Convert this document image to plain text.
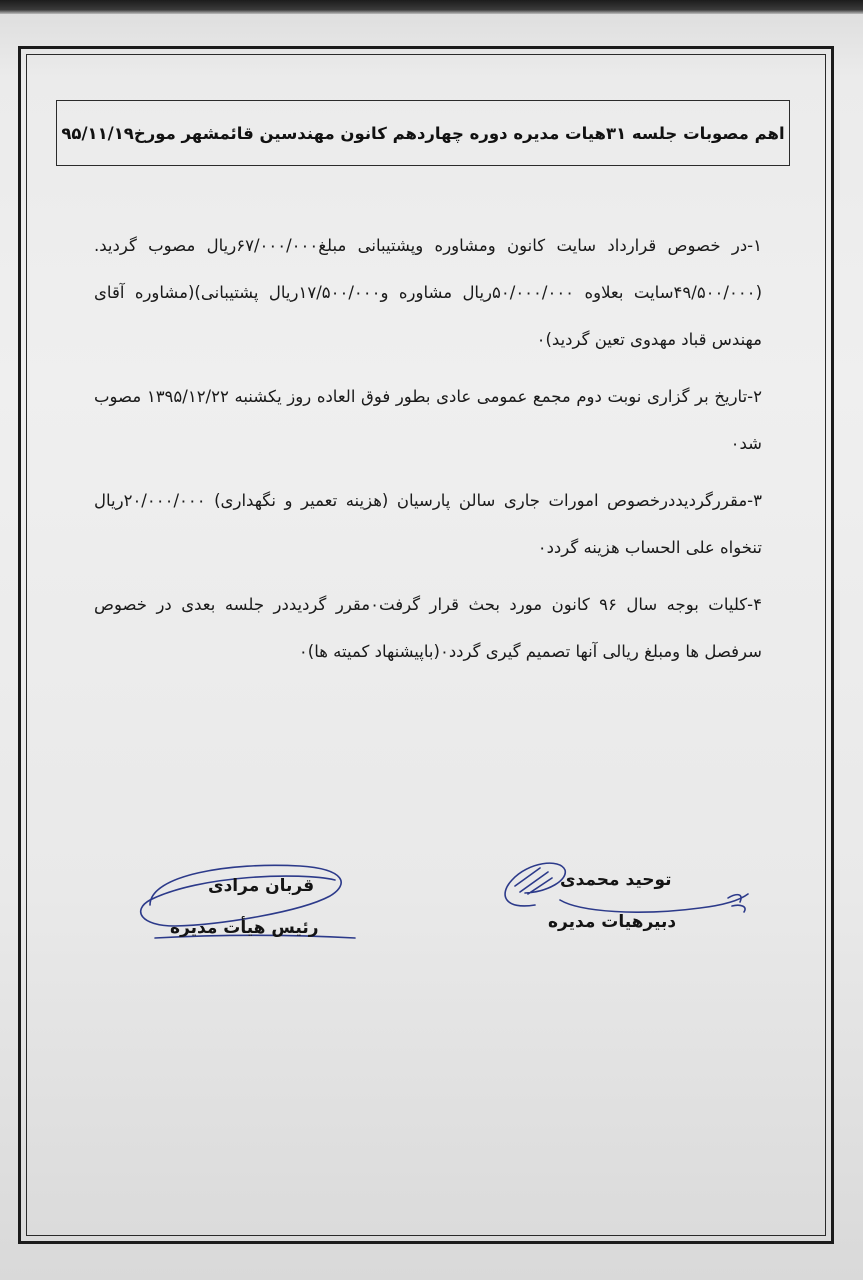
اهم مصوبات جلسه ۳۱هیات مدیره دوره چهاردهم کانون مهندسین قائمشهر مورخ۹۵/۱۱/۱۹
۱-در خصوص قرارداد سایت کانون ومشاوره وپشتیبانی مبلغ۶۷/۰۰۰/۰۰۰ریال مصوب گردید.(۴۹/۵۰۰/۰۰۰سایت بعلاوه ۵۰/۰۰۰/۰۰۰ریال مشاوره و۱۷/۵۰۰/۰۰۰ریال پشتیبانی)(مشاوره آقای مهندس قباد مهدوی تعین گردید)۰
۲-تاریخ بر گزاری نوبت دوم مجمع عمومی عادی بطور فوق العاده روز یکشنبه ۱۳۹۵/۱۲/۲۲ مصوب شد۰
۳-مقررگردیددرخصوص امورات جاری سالن پارسیان (هزینه تعمیر و نگهداری) ۲۰/۰۰۰/۰۰۰ریال تنخواه علی الحساب هزینه گردد۰
۴-کلیات بوجه سال ۹۶ کانون مورد بحث قرار گرفت۰مقرر گردیددر جلسه بعدی در خصوص سرفصل ها ومبلغ ریالی آنها تصمیم گیری گردد۰(باپیشنهاد کمیته ها)۰
قربان مرادی
رئیس هیأت مدیره
توحید محمدی
دبیرهیات مدیره
